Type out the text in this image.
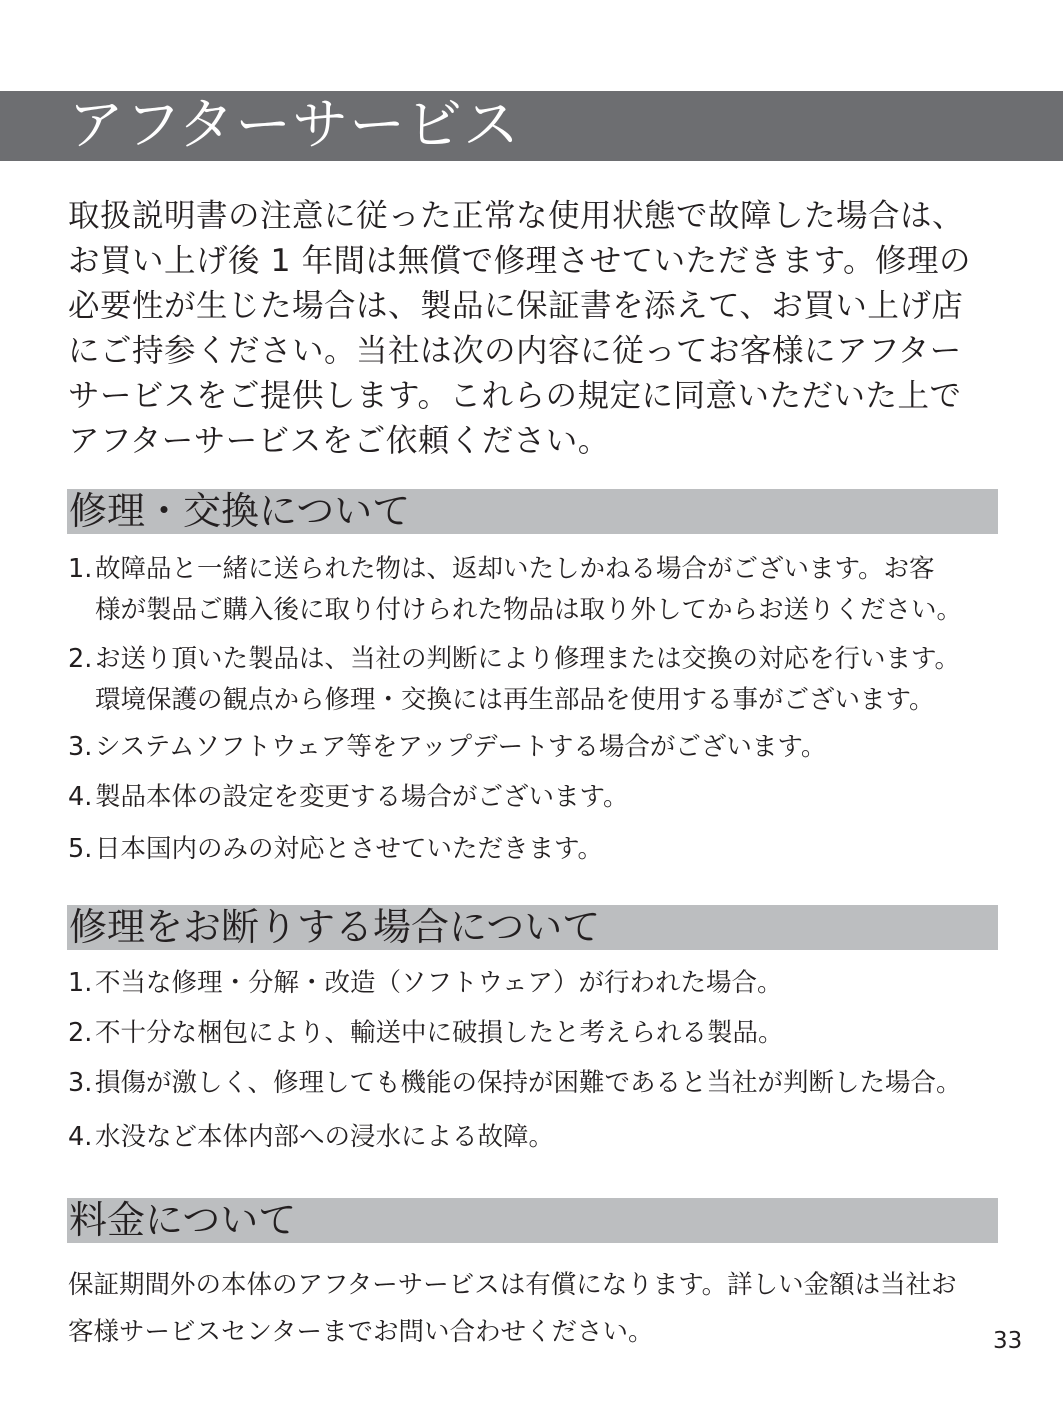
アフターサービス
取扱説明書の注意に従った正常な使用状態で故障した場合は、
お買い上げ後 1 年間は無償で修理させていただきます。修理の
必要性が生じた場合は、製品に保証書を添えて、お買い上げ店
にご持参ください。当社は次の内容に従ってお客様にアフター
サービスをご提供します。これらの規定に同意いただいた上で
アフターサービスをご依頼ください。
修理・交換について
1. 故障品と一緒に送られた物は、返却いたしかねる場合がございます。お客
様が製品ご購入後に取り付けられた物品は取り外してからお送りください。
2. お送り頂いた製品は、当社の判断により修理または交換の対応を行います。
環境保護の観点から修理・交換には再生部品を使用する事がございます。
3. システムソフトウェア等をアップデートする場合がございます。
4. 製品本体の設定を変更する場合がございます。
5. 日本国内のみの対応とさせていただきます。
修理をお断りする場合について
1. 不当な修理・分解・改造（ソフトウェア）が行われた場合。
2. 不十分な梱包により、輸送中に破損したと考えられる製品。
3. 損傷が激しく、修理しても機能の保持が困難であると当社が判断した場合。
4. 水没など本体内部への浸水による故障。
料金について
保証期間外の本体のアフターサービスは有償になります。詳しい金額は当社お
客様サービスセンターまでお問い合わせください。	33
